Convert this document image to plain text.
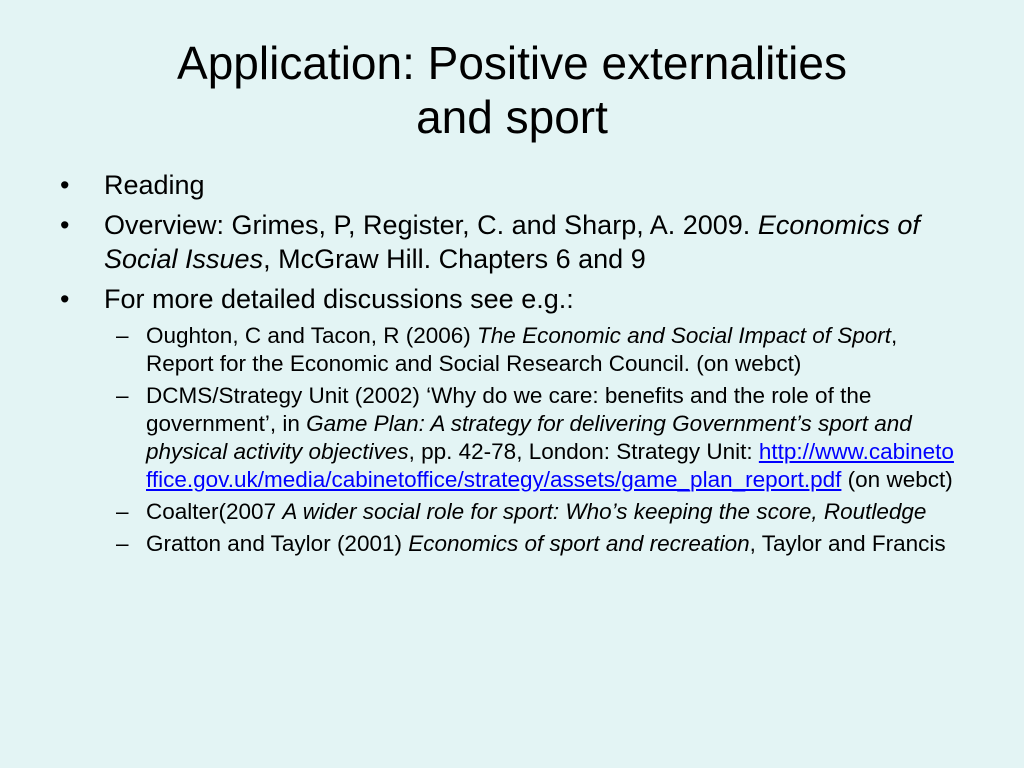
Application: Positive externalities
and sport
• Reading
• Overview: Grimes, P, Register, C. and Sharp, A. 2009. Economics of Social Issues, McGraw Hill. Chapters 6 and 9
• For more detailed discussions see e.g.:
– Oughton, C and Tacon, R (2006) The Economic and Social Impact of Sport, Report for the Economic and Social Research Council. (on webct)
– DCMS/Strategy Unit (2002) ‘Why do we care: benefits and the role of the government’, in Game Plan: A strategy for delivering Government’s sport and physical activity objectives, pp. 42-78, London: Strategy Unit: http://www.cabinetoffice.gov.uk/media/cabinetoffice/strategy/assets/game_plan_report.pdf (on webct)
– Coalter(2007 A wider social role for sport: Who’s keeping the score, Routledge
– Gratton and Taylor (2001) Economics of sport and recreation, Taylor and Francis
